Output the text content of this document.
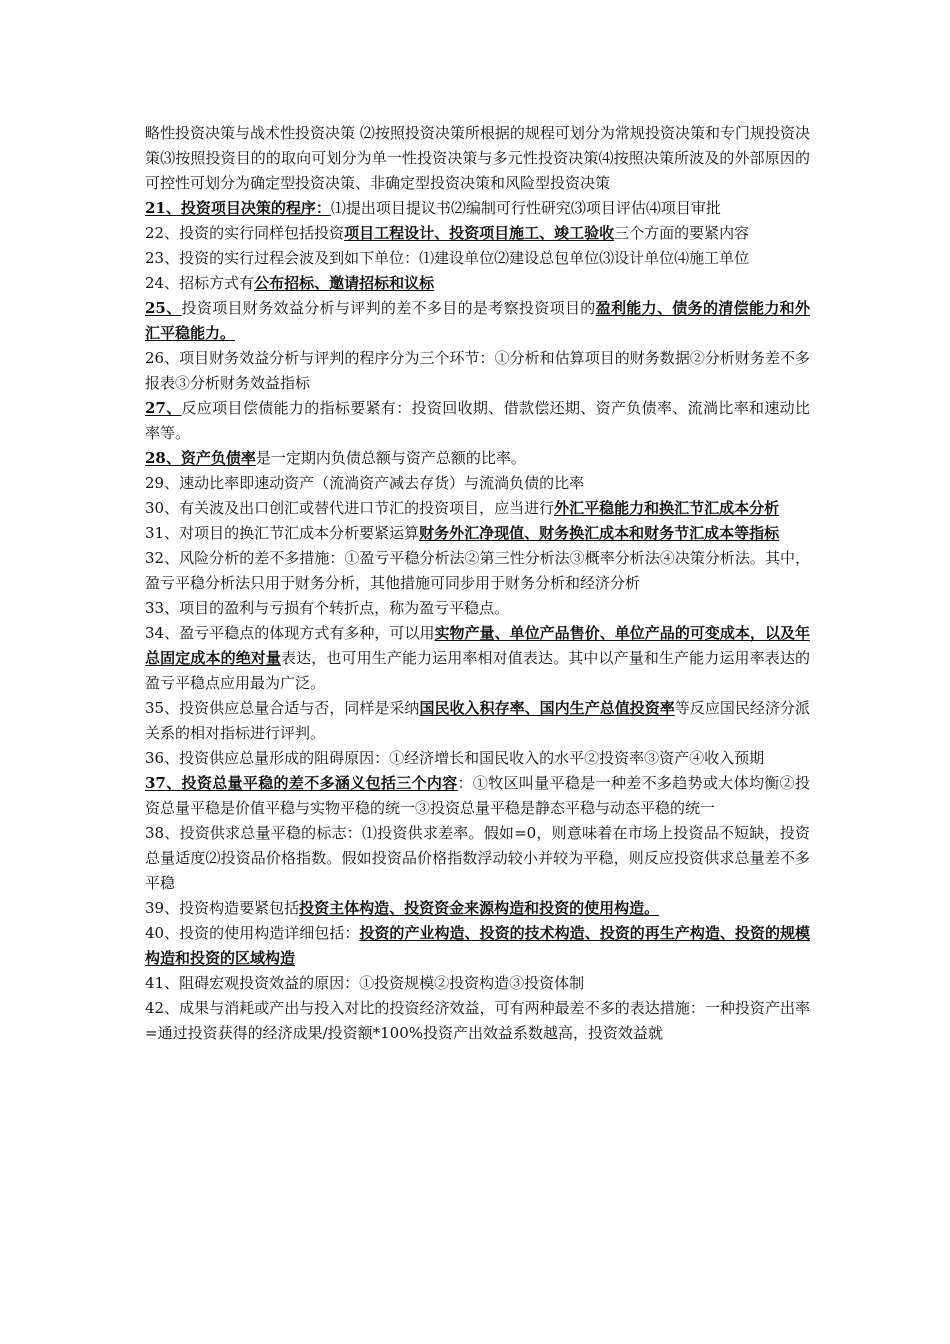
略性投资决策与战术性投资决策 ⑵按照投资决策所根据的规程可划分为常规投资决策和专门规投资决策⑶按照投资目的的取向可划分为单一性投资决策与多元性投资决策⑷按照决策所波及的外部原因的可控性可划分为确定型投资决策、非确定型投资决策和风险型投资决策

21、投资项目决策的程序：⑴提出项目提议书⑵编制可行性研究⑶项目评估⑷项目审批

22、投资的实行同样包括投资项目工程设计、投资项目施工、竣工验收三个方面的要紧内容

23、投资的实行过程会波及到如下单位：⑴建设单位⑵建设总包单位⑶设计单位⑷施工单位

24、招标方式有公布招标、邀请招标和议标

25、投资项目财务效益分析与评判的差不多目的是考察投资项目的盈利能力、债务的清偿能力和外汇平稳能力。

26、项目财务效益分析与评判的程序分为三个环节：①分析和估算项目的财务数据②分析财务差不多报表③分析财务效益指标

27、反应项目偿债能力的指标要紧有：投资回收期、借款偿还期、资产负债率、流淌比率和速动比率等。

28、资产负债率是一定期内负债总额与资产总额的比率。

29、速动比率即速动资产（流淌资产减去存货）与流淌负债的比率

30、有关波及出口创汇或替代进口节汇的投资项目，应当进行外汇平稳能力和换汇节汇成本分析

31、对项目的换汇节汇成本分析要紧运算财务外汇净现值、财务换汇成本和财务节汇成本等指标

32、风险分析的差不多措施：①盈亏平稳分析法②第三性分析法③概率分析法④决策分析法。其中，盈亏平稳分析法只用于财务分析，其他措施可同步用于财务分析和经济分析

33、项目的盈利与亏损有个转折点，称为盈亏平稳点。

34、盈亏平稳点的体现方式有多种，可以用实物产量、单位产品售价、单位产品的可变成本，以及年总固定成本的绝对量表达，也可用生产能力运用率相对值表达。其中以产量和生产能力运用率表达的盈亏平稳点应用最为广泛。

35、投资供应总量合适与否，同样是采纳国民收入积存率、国内生产总值投资率等反应国民经济分派关系的相对指标进行评判。

36、投资供应总量形成的阻碍原因：①经济增长和国民收入的水平②投资率③资产④收入预期

37、投资总量平稳的差不多涵义包括三个内容：①牧区叫量平稳是一种差不多趋势或大体均衡②投资总量平稳是价值平稳与实物平稳的统一③投资总量平稳是静态平稳与动态平稳的统一

38、投资供求总量平稳的标志：⑴投资供求差率。假如=0，则意味着在市场上投资品不短缺，投资总量适度⑵投资品价格指数。假如投资品价格指数浮动较小并较为平稳，则反应投资供求总量差不多平稳

39、投资构造要紧包括投资主体构造、投资资金来源构造和投资的使用构造。

40、投资的使用构造详细包括：投资的产业构造、投资的技术构造、投资的再生产构造、投资的规模构造和投资的区域构造

41、阻碍宏观投资效益的原因：①投资规模②投资构造③投资体制

42、成果与消耗或产出与投入对比的投资经济效益，可有两种最差不多的表达措施：一种投资产出率=通过投资获得的经济成果/投资额*100%投资产出效益系数越高，投资效益就
